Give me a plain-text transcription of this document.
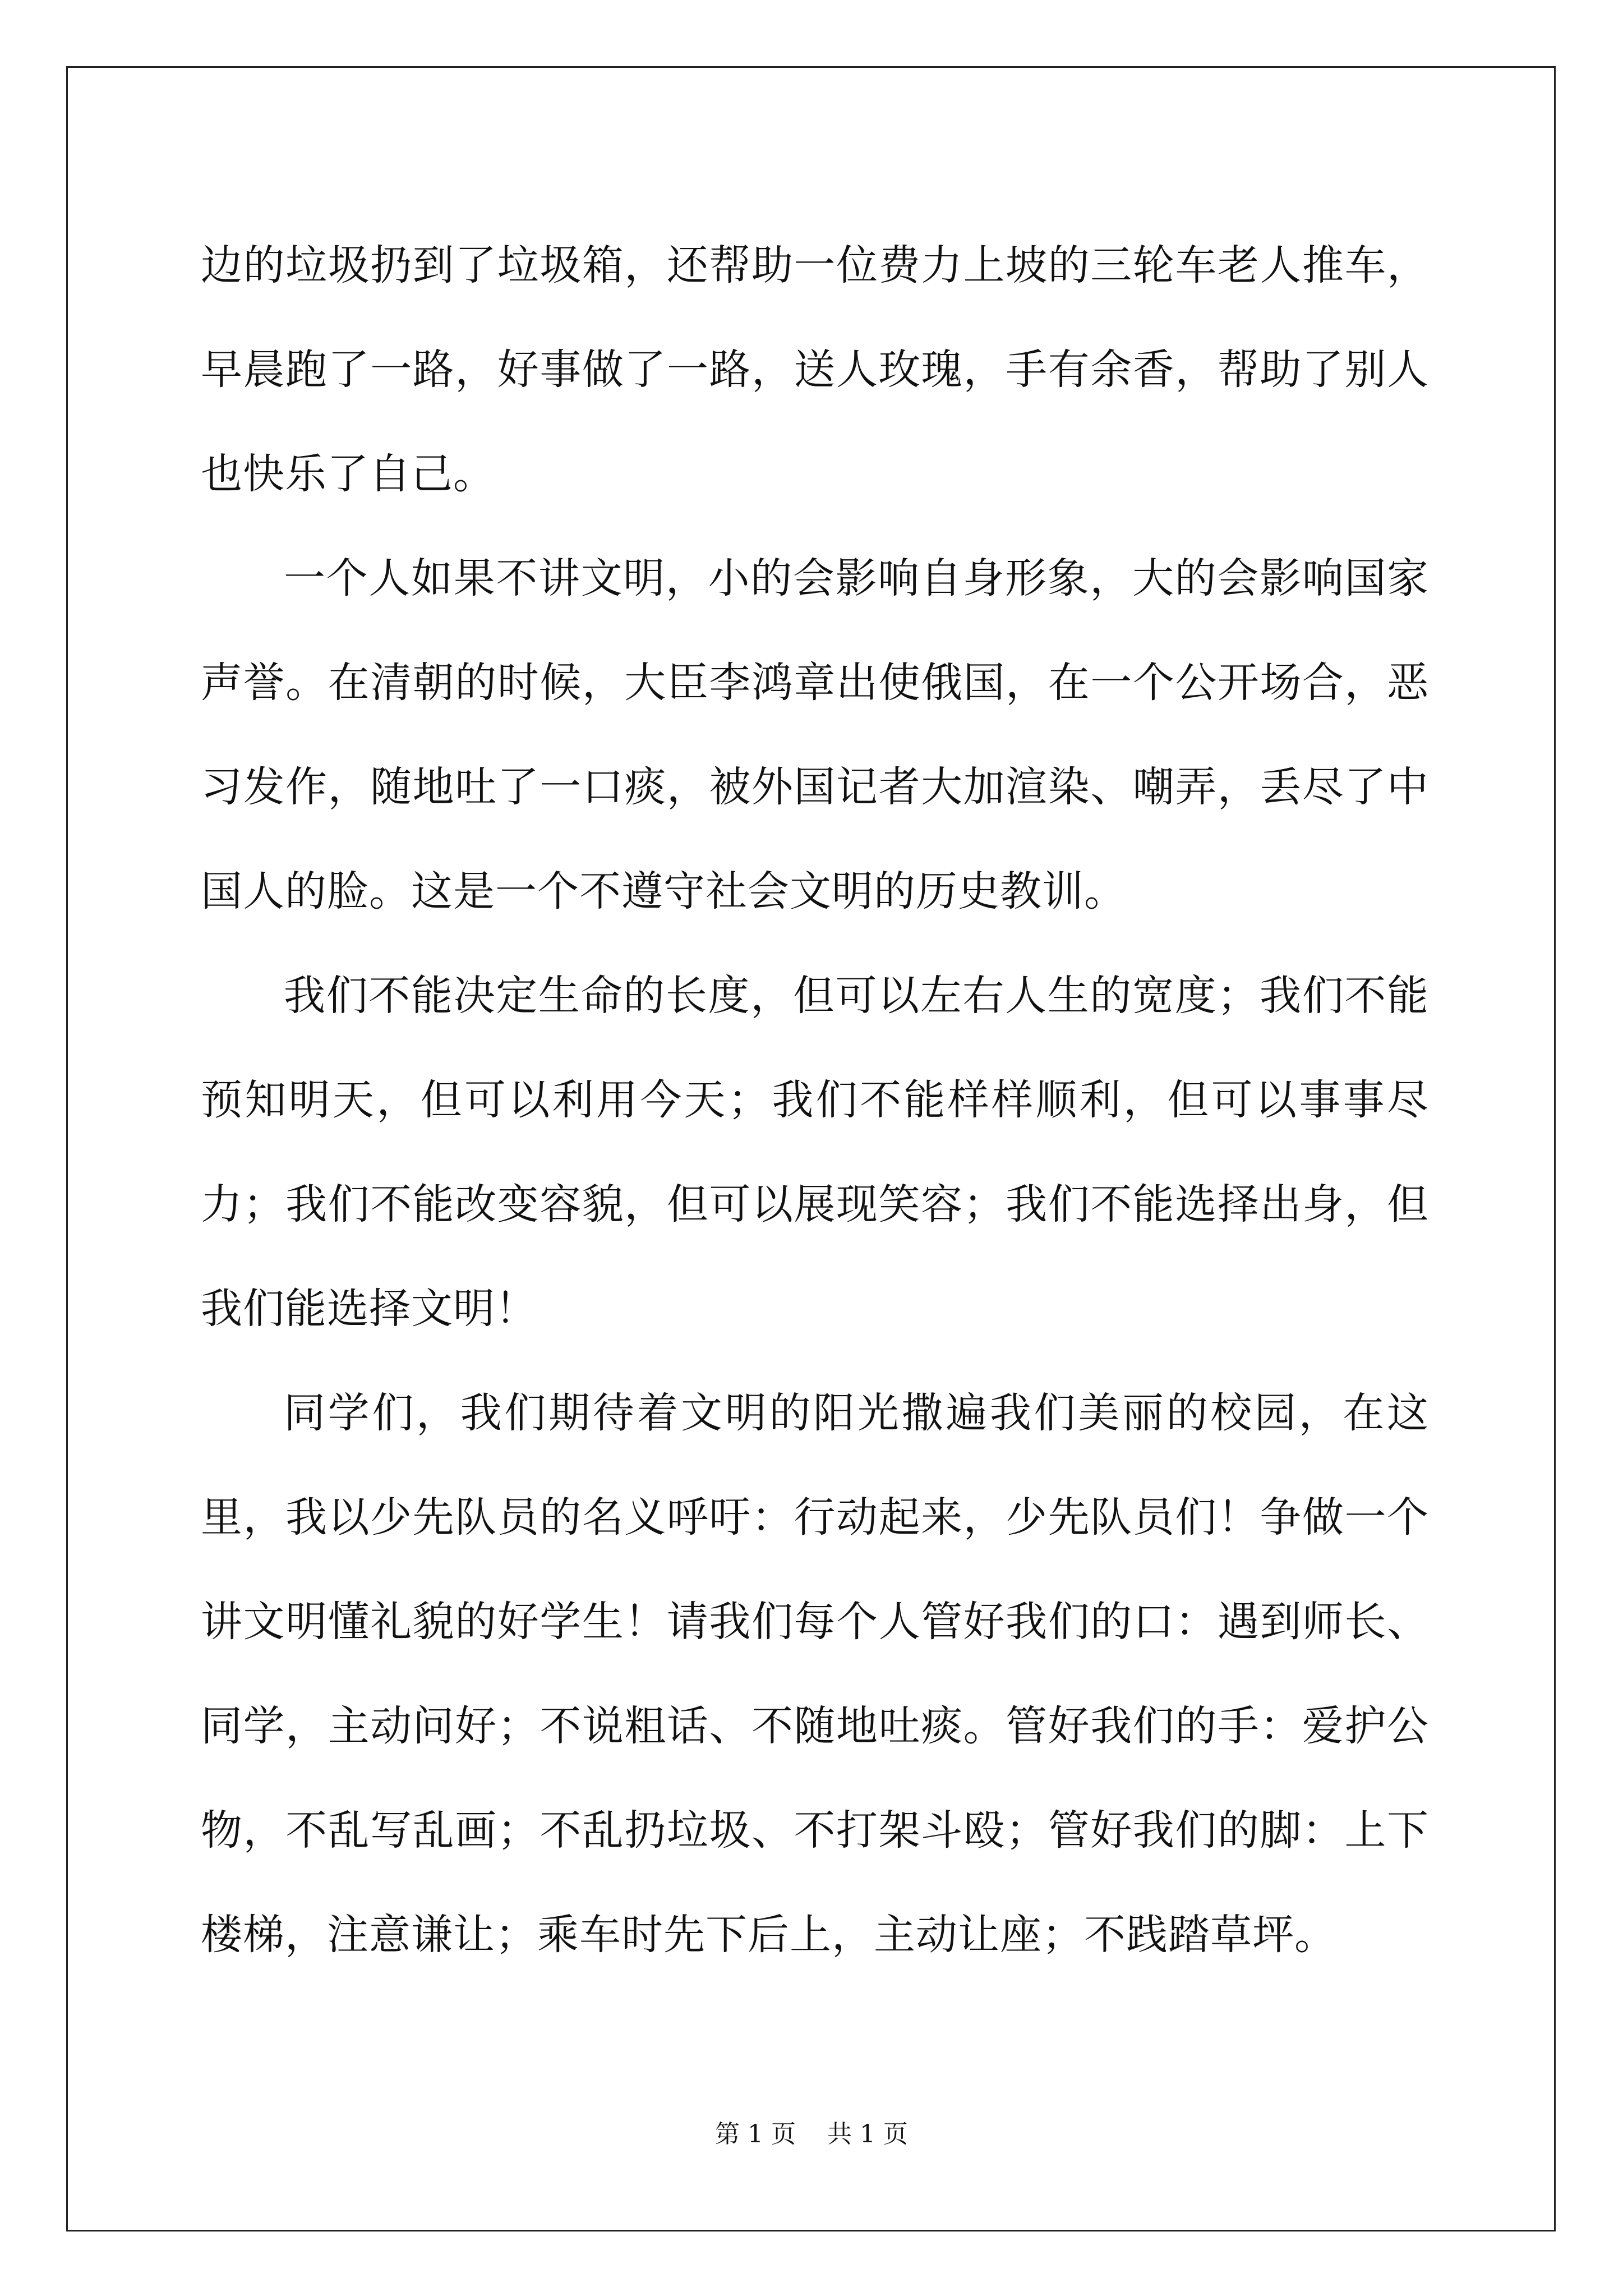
边的垃圾扔到了垃圾箱，还帮助一位费力上坡的三轮车老人推车，早晨跑了一路，好事做了一路，送人玫瑰，手有余香，帮助了别人也快乐了自己。

一个人如果不讲文明，小的会影响自身形象，大的会影响国家声誉。在清朝的时候，大臣李鸿章出使俄国，在一个公开场合，恶习发作，随地吐了一口痰，被外国记者大加渲染、嘲弄，丢尽了中国人的脸。这是一个不遵守社会文明的历史教训。

我们不能决定生命的长度，但可以左右人生的宽度；我们不能预知明天，但可以利用今天；我们不能样样顺利，但可以事事尽力；我们不能改变容貌，但可以展现笑容；我们不能选择出身，但我们能选择文明！

同学们，我们期待着文明的阳光撒遍我们美丽的校园，在这里，我以少先队员的名义呼吁：行动起来，少先队员们！争做一个讲文明懂礼貌的好学生！请我们每个人管好我们的口：遇到师长、同学，主动问好；不说粗话、不随地吐痰。管好我们的手：爱护公物，不乱写乱画；不乱扔垃圾、不打架斗殴；管好我们的脚：上下楼梯，注意谦让；乘车时先下后上，主动让座；不践踏草坪。

第 1 页 共 1 页
